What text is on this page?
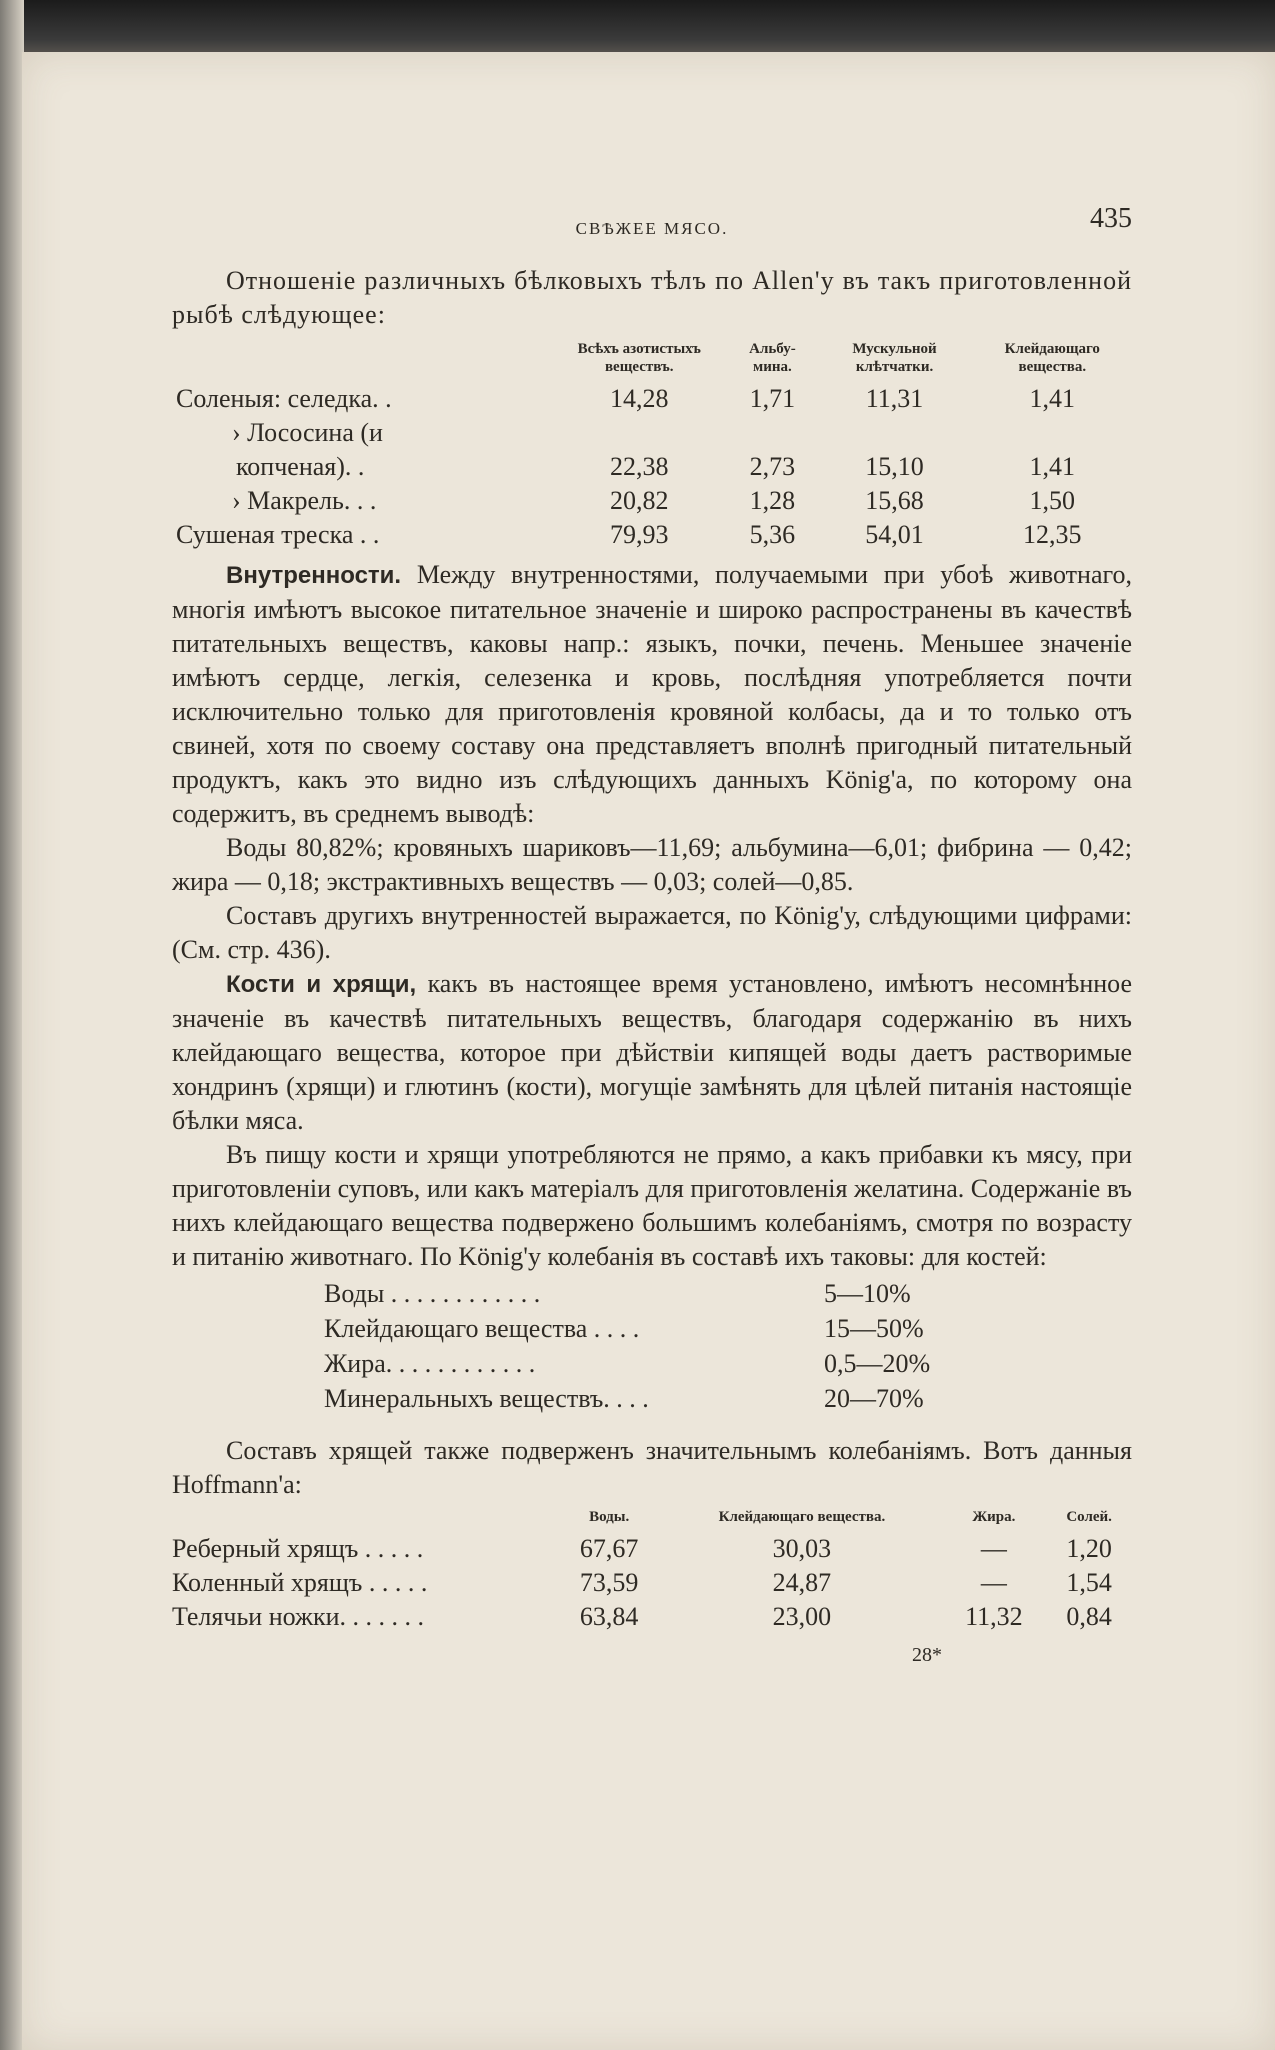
СВѢЖЕЕ МЯСО.	435

Отношеніе различныхъ бѣлковыхъ тѣлъ по Allen'у въ такъ приготовленной рыбѣ слѣдующее:

	Всѣхъ азотистыхъ веществъ.	Альбу- мина.	Мускульной клѣтчатки.	Клейдающаго вещества.
Соленыя: селедка. .	14,28	1,71	11,31	1,41
› Лососина (и				
копченая). .	22,38	2,73	15,10	1,41
› Макрель. . .	20,82	1,28	15,68	1,50
Сушеная треска . .	79,93	5,36	54,01	12,35

Внутренности. Между внутренностями, получаемыми при убоѣ животнаго, многія имѣютъ высокое питательное значеніе и широко распространены въ качествѣ питательныхъ веществъ, каковы напр.: языкъ, почки, печень. Меньшее значеніе имѣютъ сердце, легкія, селезенка и кровь, послѣдняя употребляется почти исключительно только для приготовленія кровяной колбасы, да и то только отъ свиней, хотя по своему составу она представляетъ вполнѣ пригодный питательный продуктъ, какъ это видно изъ слѣдующихъ данныхъ König'а, по которому она содержитъ, въ среднемъ выводѣ:

Воды 80,82%; кровяныхъ шариковъ—11,69; альбумина—6,01; фибрина — 0,42; жира — 0,18; экстрактивныхъ веществъ — 0,03; солей—0,85.

Составъ другихъ внутренностей выражается, по König'у, слѣдующими цифрами: (См. стр. 436).

Кости и хрящи, какъ въ настоящее время установлено, имѣютъ несомнѣнное значеніе въ качествѣ питательныхъ веществъ, благодаря содержанію въ нихъ клейдающаго вещества, которое при дѣйствіи кипящей воды даетъ растворимые хондринъ (хрящи) и глютинъ (кости), могущіе замѣнять для цѣлей питанія настоящіе бѣлки мяса.

Въ пищу кости и хрящи употребляются не прямо, а какъ прибавки къ мясу, при приготовленіи суповъ, или какъ матеріалъ для приготовленія желатина. Содержаніе въ нихъ клейдающаго вещества подвержено большимъ колебаніямъ, смотря по возрасту и питанію животнаго. По König'у колебанія въ составѣ ихъ таковы: для костей:

Воды . . . . . . . . . . . .	5—10%
Клейдающаго вещества . . . .	15—50%
Жира. . . . . . . . . . . .	0,5—20%
Минеральныхъ веществъ. . . .	20—70%

Составъ хрящей также подверженъ значительнымъ колебаніямъ. Вотъ данныя Hoffmann'а:

	Воды.	Клейдающаго вещества.	Жира.	Солей.
Реберный хрящъ . . . . .	67,67	30,03	—	1,20
Коленный хрящъ . . . . .	73,59	24,87	—	1,54
Телячьи ножки. . . . . . .	63,84	23,00	11,32	0,84
28*
